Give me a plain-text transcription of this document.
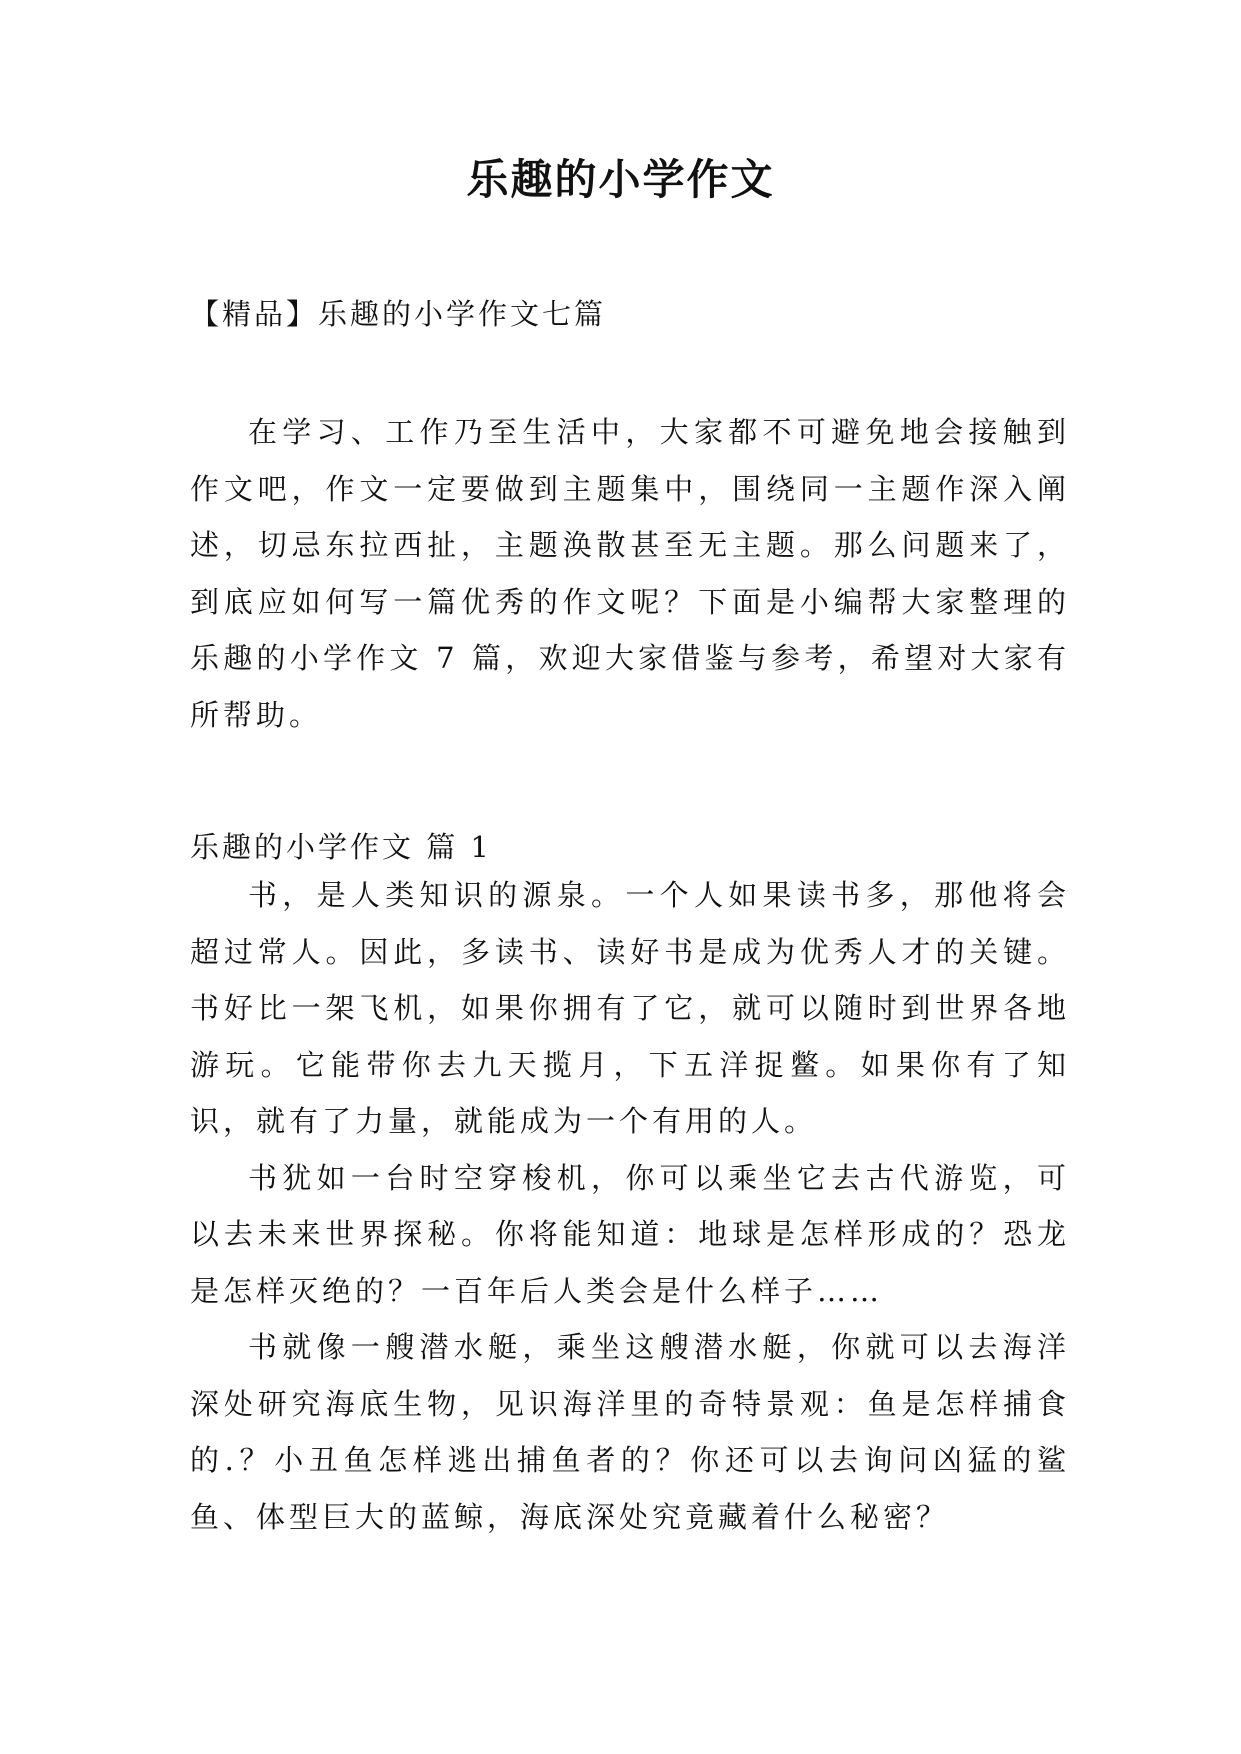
乐趣的小学作文

【精品】乐趣的小学作文七篇

在学习、工作乃至生活中，大家都不可避免地会接触到作文吧，作文一定要做到主题集中，围绕同一主题作深入阐述，切忌东拉西扯，主题涣散甚至无主题。那么问题来了，到底应如何写一篇优秀的作文呢？下面是小编帮大家整理的乐趣的小学作文 7 篇，欢迎大家借鉴与参考，希望对大家有所帮助。

乐趣的小学作文 篇 1

书，是人类知识的源泉。一个人如果读书多，那他将会超过常人。因此，多读书、读好书是成为优秀人才的关键。书好比一架飞机，如果你拥有了它，就可以随时到世界各地游玩。它能带你去九天揽月，下五洋捉鳖。如果你有了知识，就有了力量，就能成为一个有用的人。

书犹如一台时空穿梭机，你可以乘坐它去古代游览，可以去未来世界探秘。你将能知道：地球是怎样形成的？恐龙是怎样灭绝的？一百年后人类会是什么样子……

书就像一艘潜水艇，乘坐这艘潜水艇，你就可以去海洋深处研究海底生物，见识海洋里的奇特景观：鱼是怎样捕食的.？小丑鱼怎样逃出捕鱼者的？你还可以去询问凶猛的鲨鱼、体型巨大的蓝鲸，海底深处究竟藏着什么秘密？
